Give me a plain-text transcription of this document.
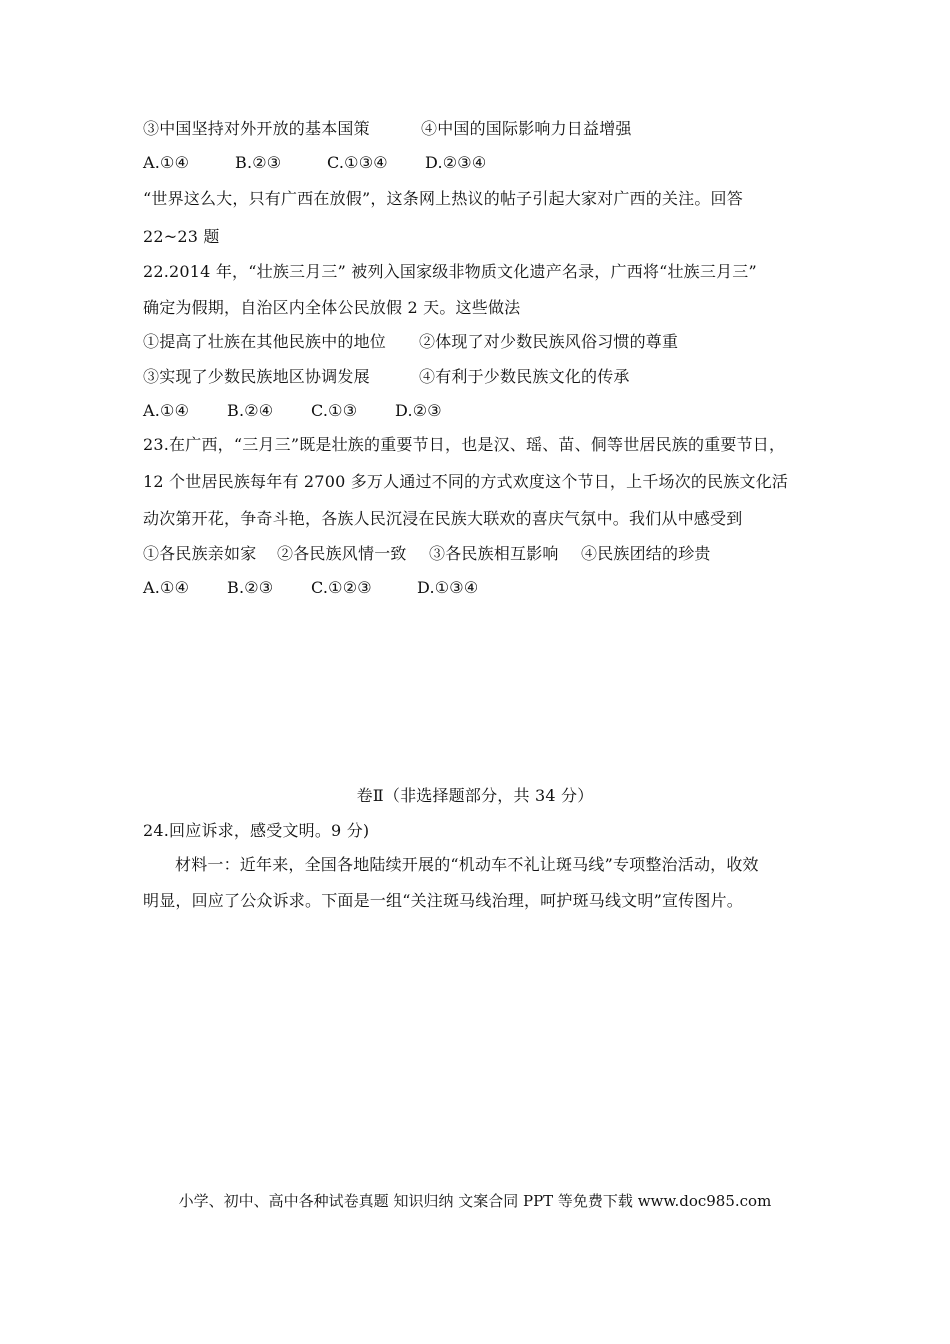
③中国坚持对外开放的基本国策	④中国的国际影响力日益增强
A.①④	B.②③	C.①③④ D.②③④
“世界这么大，只有广西在放假”，这条网上热议的帖子引起大家对广西的关注。回答
22~23 题
22.2014 年，“壮族三月三” 被列入国家级非物质文化遗产名录，广西将“壮族三月三”
确定为假期，自治区内全体公民放假 2 天。这些做法
①提高了壮族在其他民族中的地位 ②体现了对少数民族风俗习惯的尊重
③实现了少数民族地区协调发展	④有利于少数民族文化的传承
A.①④ B.②④ C.①③ D.②③
23.在广西，“三月三”既是壮族的重要节日，也是汉、瑶、苗、侗等世居民族的重要节日，
12 个世居民族每年有 2700 多万人通过不同的方式欢度这个节日，上千场次的民族文化活
动次第开花，争奇斗艳，各族人民沉浸在民族大联欢的喜庆气氛中。我们从中感受到
①各民族亲如家 ②各民族风情一致 ③各民族相互影响 ④民族团结的珍贵
A.①④ B.②③ C.①②③	D.①③④
卷Ⅱ（非选择题部分，共 34 分）
24.回应诉求，感受文明。9 分)
材料一：近年来，全国各地陆续开展的“机动车不礼让斑马线”专项整治活动，收效
明显，回应了公众诉求。下面是一组“关注斑马线治理，呵护斑马线文明”宣传图片。
小学、初中、高中各种试卷真题 知识归纳 文案合同 PPT 等免费下载 www.doc985.com
